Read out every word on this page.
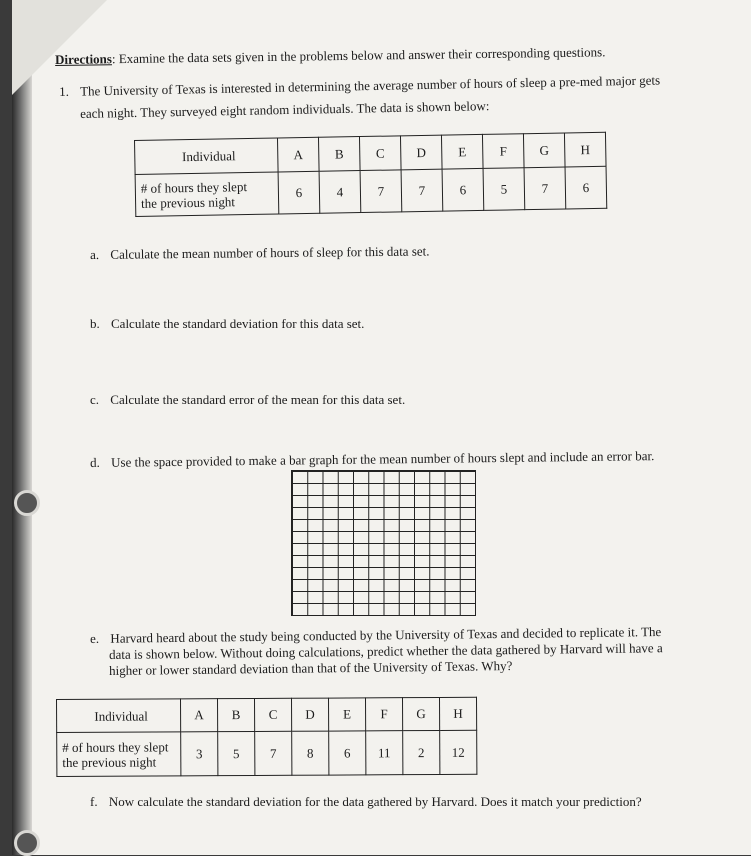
Directions: Examine the data sets given in the problems below and answer their corresponding questions.
1. The University of Texas is interested in determining the average number of hours of sleep a pre-med major gets
each night. They surveyed eight random individuals. The data is shown below:
Individual	A	B	C	D	E	F	G	H
# of hours they slept
the previous night	6	4	7	7	6	5	7	6
a. Calculate the mean number of hours of sleep for this data set.
b. Calculate the standard deviation for this data set.
c. Calculate the standard error of the mean for this data set.
d. Use the space provided to make a bar graph for the mean number of hours slept and include an error bar.
e. Harvard heard about the study being conducted by the University of Texas and decided to replicate it. The
data is shown below. Without doing calculations, predict whether the data gathered by Harvard will have a
higher or lower standard deviation than that of the University of Texas. Why?
Individual	A	B	C	D	E	F	G	H
# of hours they slept
the previous night	3	5	7	8	6	11	2	12
f. Now calculate the standard deviation for the data gathered by Harvard. Does it match your prediction?
